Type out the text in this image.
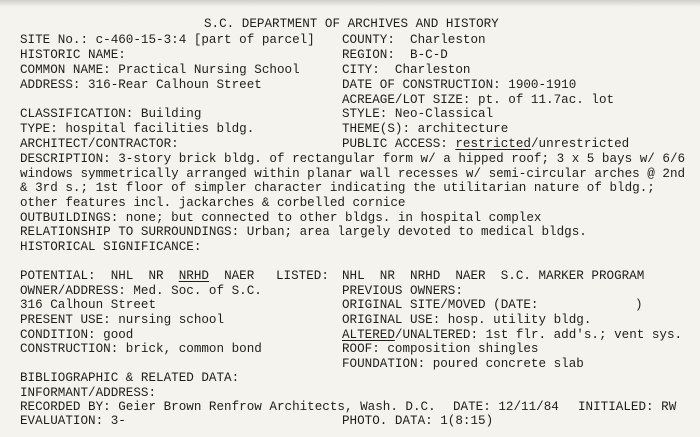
S.C. DEPARTMENT OF ARCHIVES AND HISTORY
SITE No.: c-460-15-3:4 [part of parcel]
HISTORIC NAME:
COMMON NAME: Practical Nursing School
ADDRESS: 316-Rear Calhoun Street
CLASSIFICATION: Building
TYPE: hospital facilities bldg.
ARCHITECT/CONTRACTOR:
COUNTY:  Charleston
REGION:  B-C-D
CITY:  Charleston
DATE OF CONSTRUCTION: 1900-1910
ACREAGE/LOT SIZE: pt. of 11.7ac. lot
STYLE: Neo-Classical
THEME(S): architecture
PUBLIC ACCESS: restricted/unrestricted
DESCRIPTION: 3-story brick bldg. of rectangular form w/ a hipped roof; 3 x 5 bays w/ 6/6
windows symmetrically arranged within planar wall recesses w/ semi-circular arches @ 2nd
& 3rd s.; 1st floor of simpler character indicating the utilitarian nature of bldg.;
other features incl. jackarches & corbelled cornice
OUTBUILDINGS: none; but connected to other bldgs. in hospital complex
RELATIONSHIP TO SURROUNDINGS: Urban; area largely devoted to medical bldgs.
HISTORICAL SIGNIFICANCE:
POTENTIAL:  NHL  NR  NRHD  NAER LISTED: NHL  NR  NRHD  NAER  S.C. MARKER PROGRAM
OWNER/ADDRESS: Med. Soc. of S.C.
316 Calhoun Street
PRESENT USE: nursing school
CONDITION: good
CONSTRUCTION: brick, common bond
PREVIOUS OWNERS:
ORIGINAL SITE/MOVED (DATE:	)
ORIGINAL USE: hosp. utility bldg.
ALTERED/UNALTERED: 1st flr. add's.; vent sys.
ROOF: composition shingles
FOUNDATION: poured concrete slab
BIBLIOGRAPHIC & RELATED DATA:
INFORMANT/ADDRESS:
RECORDED BY: Geier Brown Renfrow Architects, Wash. D.C. DATE: 12/11/84 INITIALED: RW
EVALUATION: 3-	PHOTO. DATA: 1(8:15)
